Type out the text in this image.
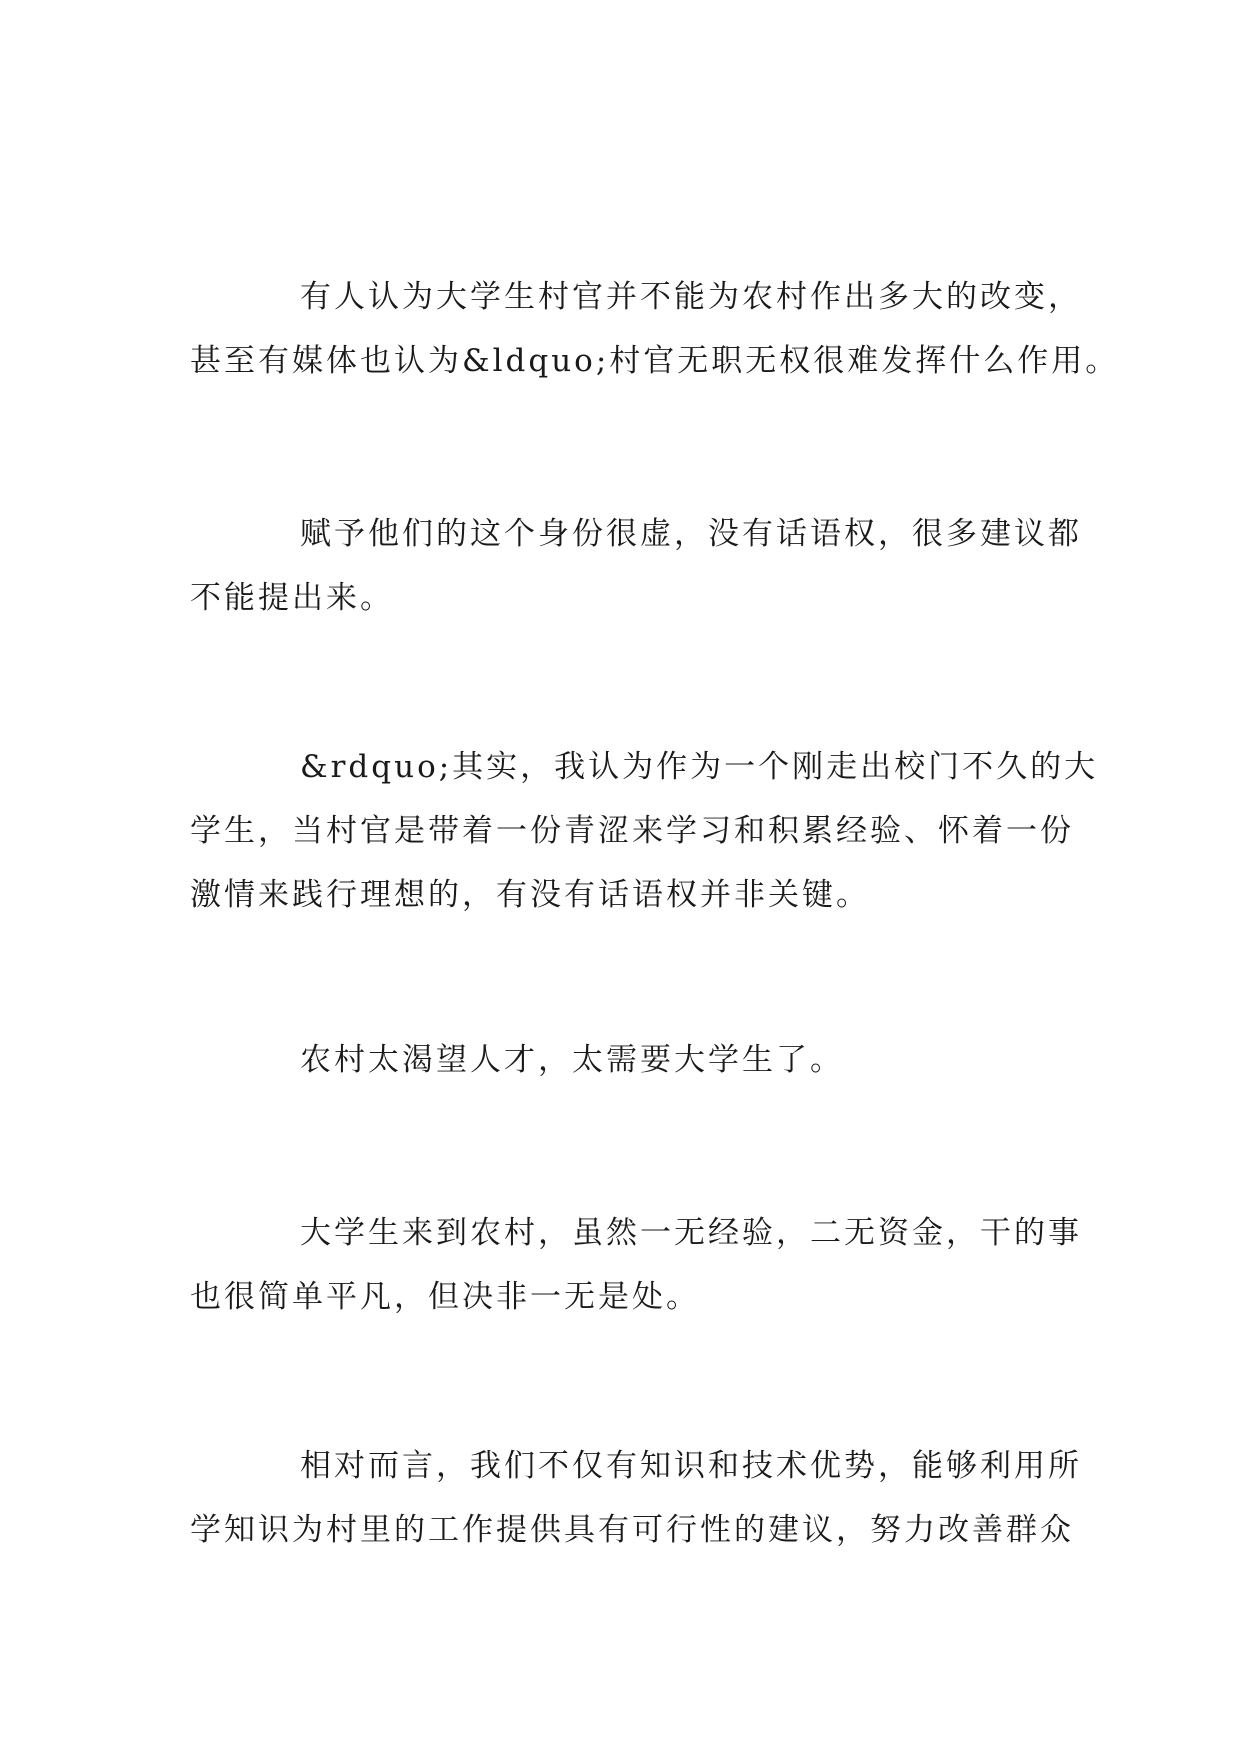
有人认为大学生村官并不能为农村作出多大的改变，
甚至有媒体也认为&ldquo;村官无职无权很难发挥什么作用。

赋予他们的这个身份很虚，没有话语权，很多建议都
不能提出来。

&rdquo;其实，我认为作为一个刚走出校门不久的大
学生，当村官是带着一份青涩来学习和积累经验、怀着一份
激情来践行理想的，有没有话语权并非关键。

农村太渴望人才，太需要大学生了。

大学生来到农村，虽然一无经验，二无资金，干的事
也很简单平凡，但决非一无是处。

相对而言，我们不仅有知识和技术优势，能够利用所
学知识为村里的工作提供具有可行性的建议，努力改善群众
